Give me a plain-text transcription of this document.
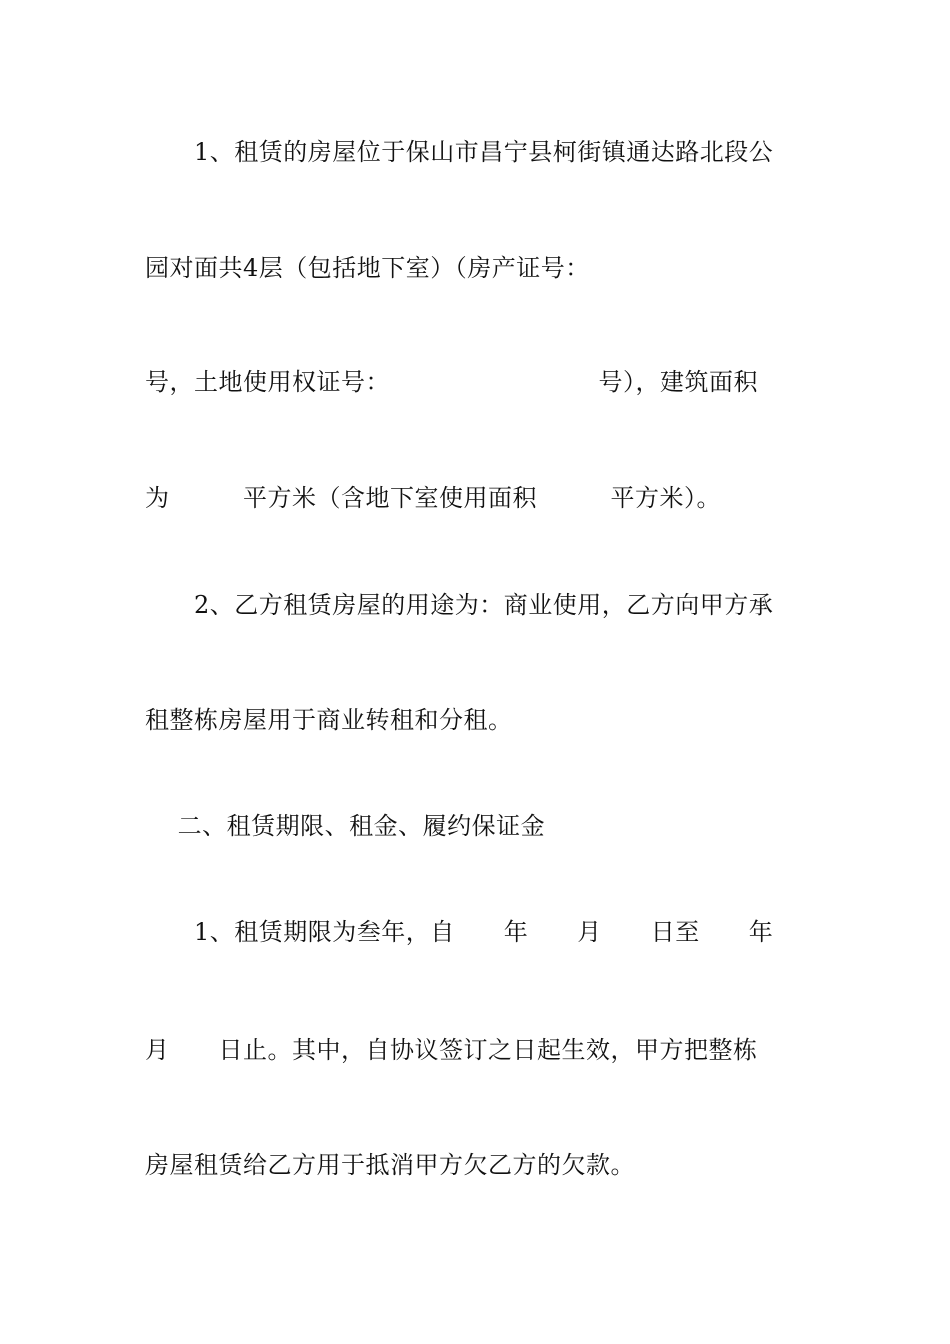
　　1、租赁的房屋位于保山市昌宁县柯街镇通达路北段公
园对面共4层（包括地下室）（房产证号：
号，土地使用权证号：　　　　　　　　　号），建筑面积
为　　　平方米（含地下室使用面积　　　平方米）。
　　2、乙方租赁房屋的用途为：商业使用，乙方向甲方承
租整栋房屋用于商业转租和分租。
　 二、租赁期限、租金、履约保证金
　　1、租赁期限为叁年，自　　年　　月　　日至　　年
月　　日止。其中，自协议签订之日起生效，甲方把整栋
房屋租赁给乙方用于抵消甲方欠乙方的欠款。
